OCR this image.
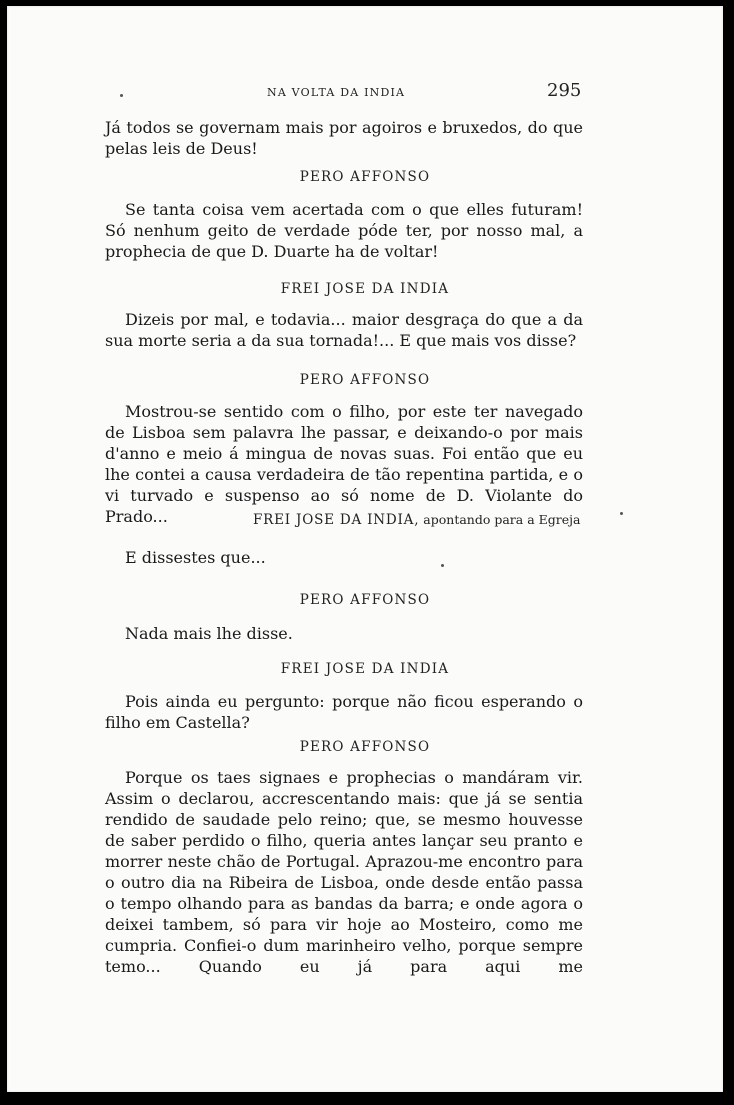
NA VOLTA DA INDIA	295

Já todos se governam mais por agoiros e bruxedos, do que pelas leis de Deus!

PERO AFFONSO

Se tanta coisa vem acertada com o que elles futuram! Só nenhum geito de verdade póde ter, por nosso mal, a prophecia de que D. Duarte ha de voltar!

FREI JOSE DA INDIA

Dizeis por mal, e todavia... maior desgraça do que a da sua morte seria a da sua tornada!... E que mais vos disse?

PERO AFFONSO

Mostrou-se sentido com o filho, por este ter navegado de Lisboa sem palavra lhe passar, e deixando-o por mais d'anno e meio á mingua de novas suas. Foi então que eu lhe contei a causa verdadeira de tão repentina partida, e o vi turvado e suspenso ao só nome de D. Violante do Prado...	FREI JOSE DA INDIA, apontando para a Egreja

E dissestes que...

PERO AFFONSO

Nada mais lhe disse.

FREI JOSE DA INDIA

Pois ainda eu pergunto: porque não ficou esperando o filho em Castella?

PERO AFFONSO

Porque os taes signaes e prophecias o mandáram vir. Assim o declarou, accrescentando mais: que já se sentia rendido de saudade pelo reino; que, se mesmo houvesse de saber perdido o filho, queria antes lançar seu pranto e morrer neste chão de Portugal. Aprazou-me encontro para o outro dia na Ribeira de Lisboa, onde desde então passa o tempo olhando para as bandas da barra; e onde agora o deixei tambem, só para vir hoje ao Mosteiro, como me cumpria. Confiei-o dum marinheiro velho, porque sempre temo... Quando eu já para aqui me
